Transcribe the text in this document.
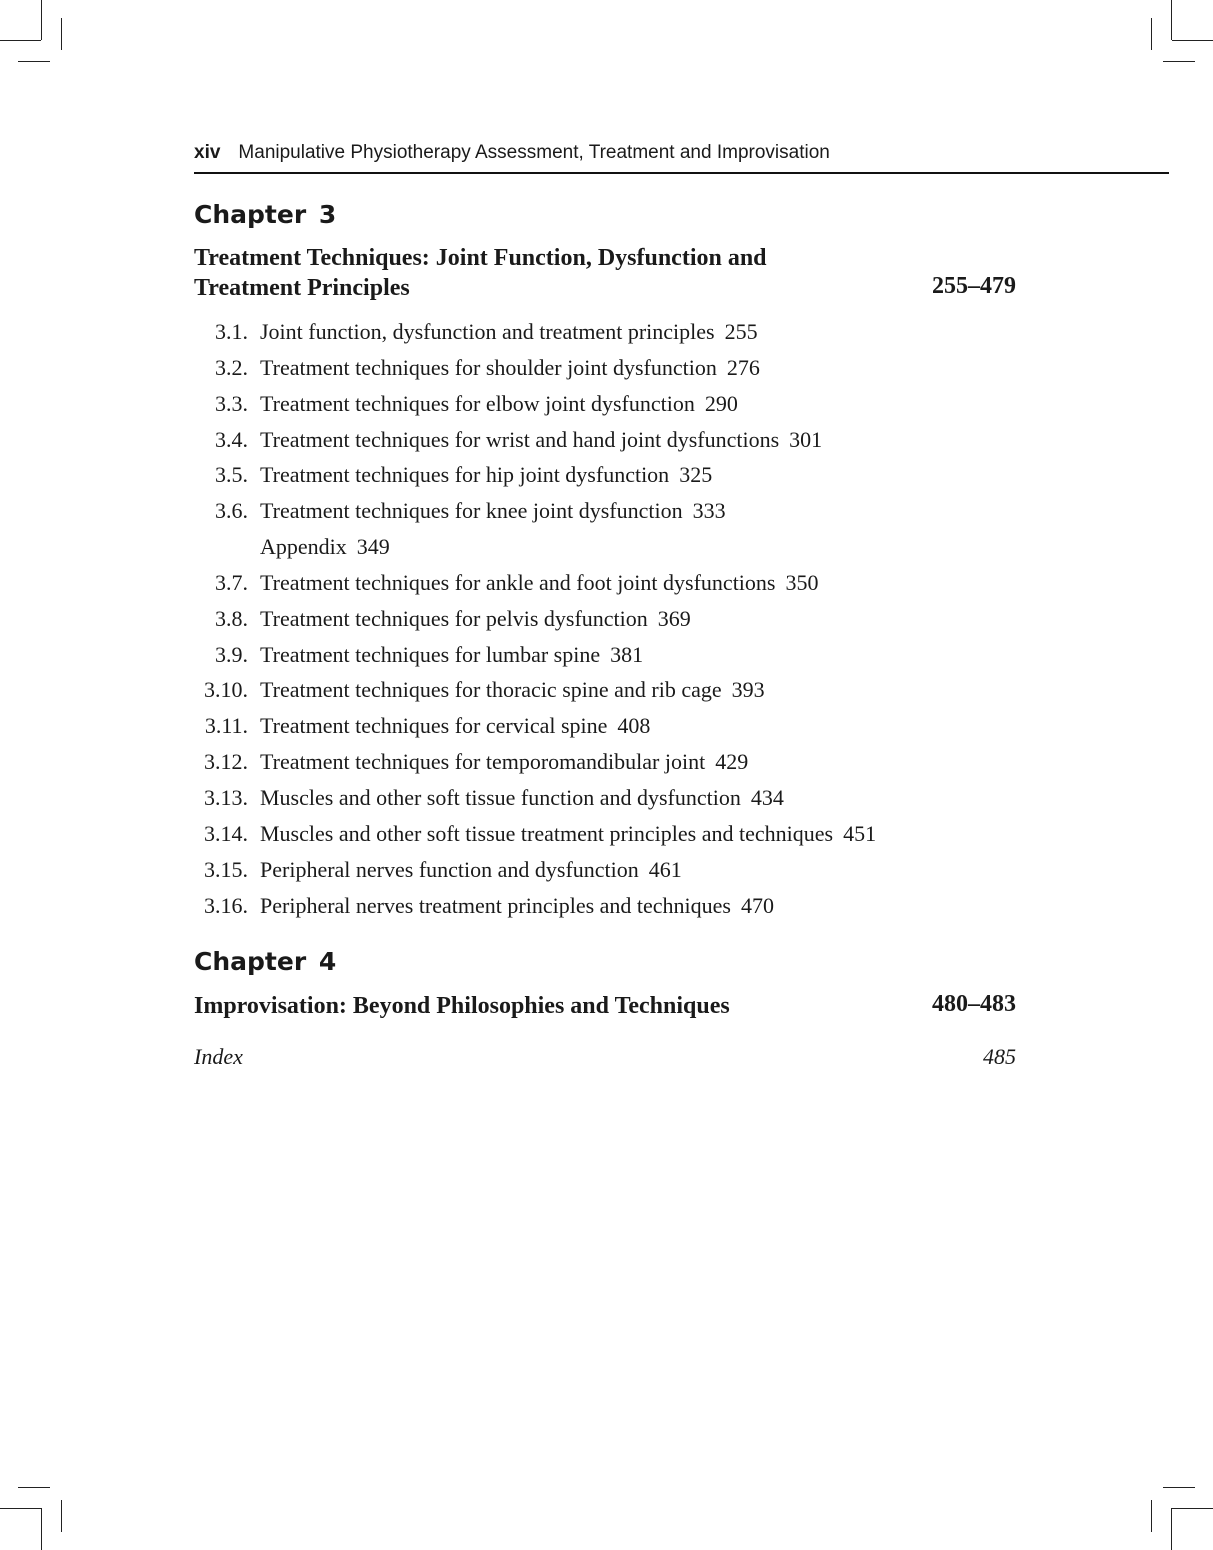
xiv Manipulative Physiotherapy Assessment, Treatment and Improvisation
Chapter 3
Treatment Techniques: Joint Function, Dysfunction and
Treatment Principles	255–479
3.1. Joint function, dysfunction and treatment principles 255
3.2. Treatment techniques for shoulder joint dysfunction 276
3.3. Treatment techniques for elbow joint dysfunction 290
3.4. Treatment techniques for wrist and hand joint dysfunctions 301
3.5. Treatment techniques for hip joint dysfunction 325
3.6. Treatment techniques for knee joint dysfunction 333
Appendix 349
3.7. Treatment techniques for ankle and foot joint dysfunctions 350
3.8. Treatment techniques for pelvis dysfunction 369
3.9. Treatment techniques for lumbar spine 381
3.10. Treatment techniques for thoracic spine and rib cage 393
3.11. Treatment techniques for cervical spine 408
3.12. Treatment techniques for temporomandibular joint 429
3.13. Muscles and other soft tissue function and dysfunction 434
3.14. Muscles and other soft tissue treatment principles and techniques 451
3.15. Peripheral nerves function and dysfunction 461
3.16. Peripheral nerves treatment principles and techniques 470
Chapter 4
Improvisation: Beyond Philosophies and Techniques	480–483
Index	485
